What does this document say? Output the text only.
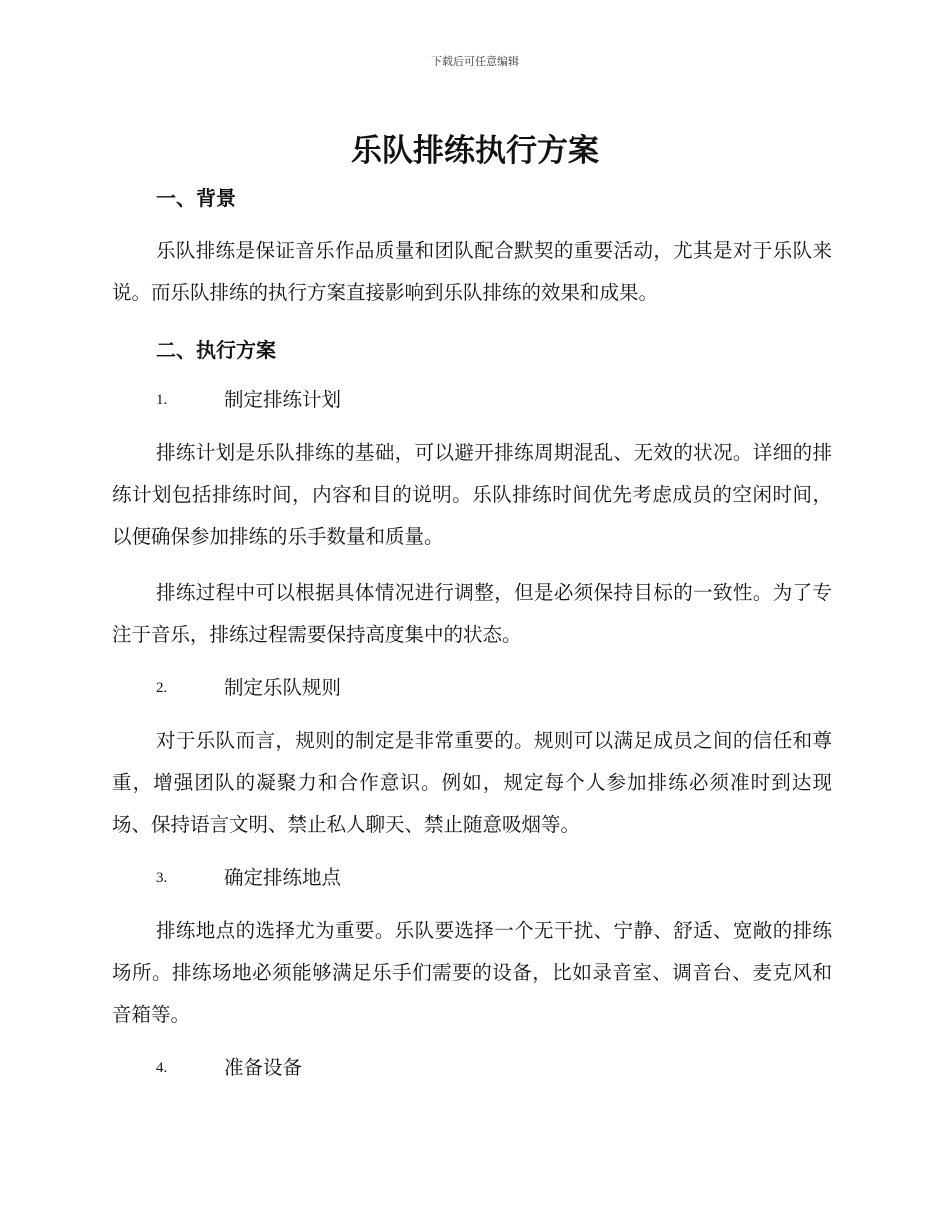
下载后可任意编辑
乐队排练执行方案
一、背景

乐队排练是保证音乐作品质量和团队配合默契的重要活动，尤其是对于乐队来说。而乐队排练的执行方案直接影响到乐队排练的效果和成果。

二、执行方案
1.	制定排练计划

排练计划是乐队排练的基础，可以避开排练周期混乱、无效的状况。详细的排练计划包括排练时间，内容和目的说明。乐队排练时间优先考虑成员的空闲时间，以便确保参加排练的乐手数量和质量。

排练过程中可以根据具体情况进行调整，但是必须保持目标的一致性。为了专注于音乐，排练过程需要保持高度集中的状态。

2.	制定乐队规则

对于乐队而言，规则的制定是非常重要的。规则可以满足成员之间的信任和尊重，增强团队的凝聚力和合作意识。例如，规定每个人参加排练必须准时到达现场、保持语言文明、禁止私人聊天、禁止随意吸烟等。

3.	确定排练地点

排练地点的选择尤为重要。乐队要选择一个无干扰、宁静、舒适、宽敞的排练场所。排练场地必须能够满足乐手们需要的设备，比如录音室、调音台、麦克风和音箱等。

4.	准备设备
